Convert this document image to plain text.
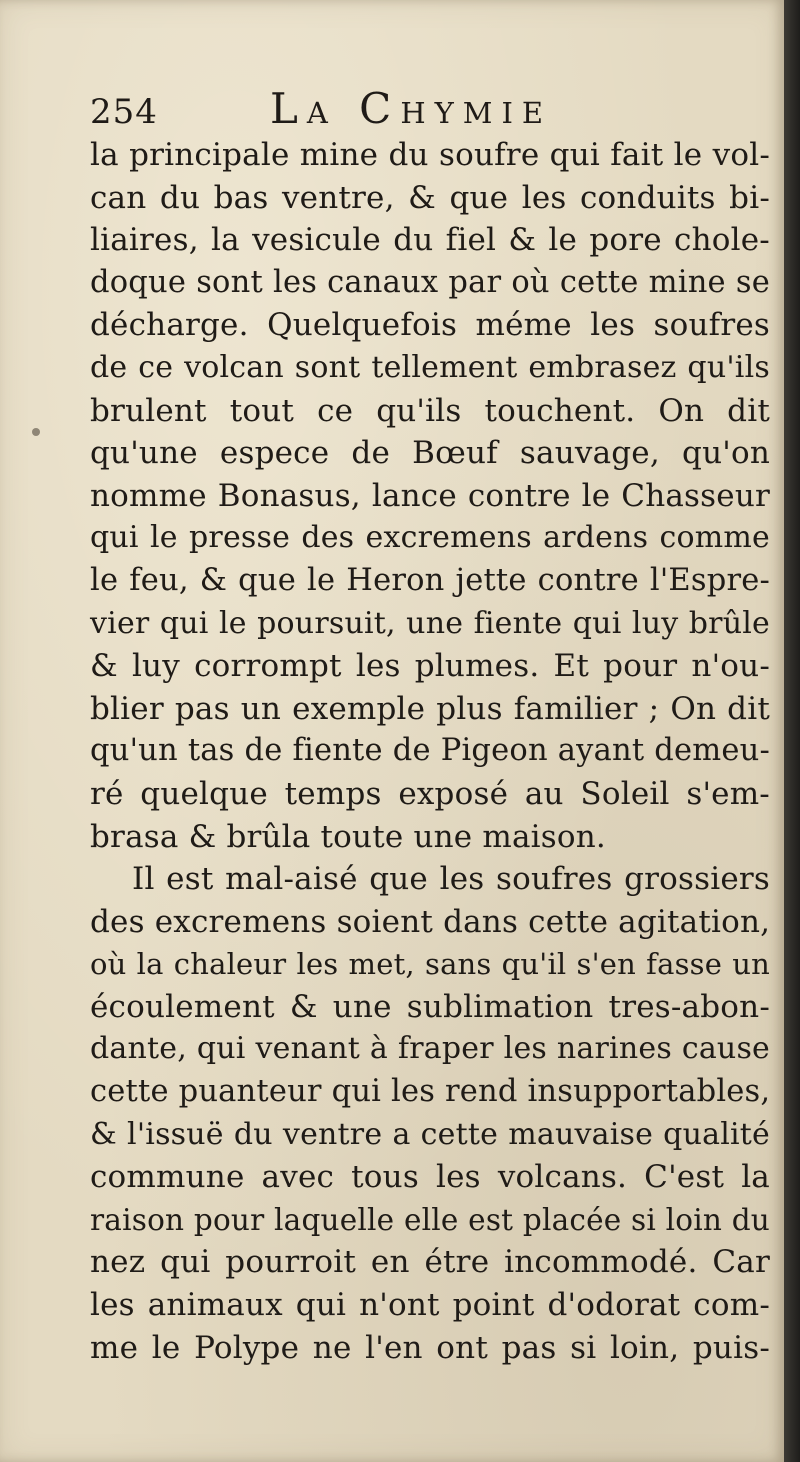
254	La Chymie
la principale mine du soufre qui fait le vol-
can du bas ventre, & que les conduits bi-
liaires, la vesicule du fiel & le pore chole-
doque sont les canaux par où cette mine se
décharge. Quelquefois méme les soufres
de ce volcan sont tellement embrasez qu'ils
brulent tout ce qu'ils touchent. On dit
qu'une espece de Bœuf sauvage, qu'on
nomme Bonasus, lance contre le Chasseur
qui le presse des excremens ardens comme
le feu, & que le Heron jette contre l'Espre-
vier qui le poursuit, une fiente qui luy brûle
& luy corrompt les plumes. Et pour n'ou-
blier pas un exemple plus familier ; On dit
qu'un tas de fiente de Pigeon ayant demeu-
ré quelque temps exposé au Soleil s'em-
brasa & brûla toute une maison.
Il est mal-aisé que les soufres grossiers
des excremens soient dans cette agitation,
où la chaleur les met, sans qu'il s'en fasse un
écoulement & une sublimation tres-abon-
dante, qui venant à fraper les narines cause
cette puanteur qui les rend insupportables,
& l'issuë du ventre a cette mauvaise qualité
commune avec tous les volcans. C'est la
raison pour laquelle elle est placée si loin du
nez qui pourroit en étre incommodé. Car
les animaux qui n'ont point d'odorat com-
me le Polype ne l'en ont pas si loin, puis-
